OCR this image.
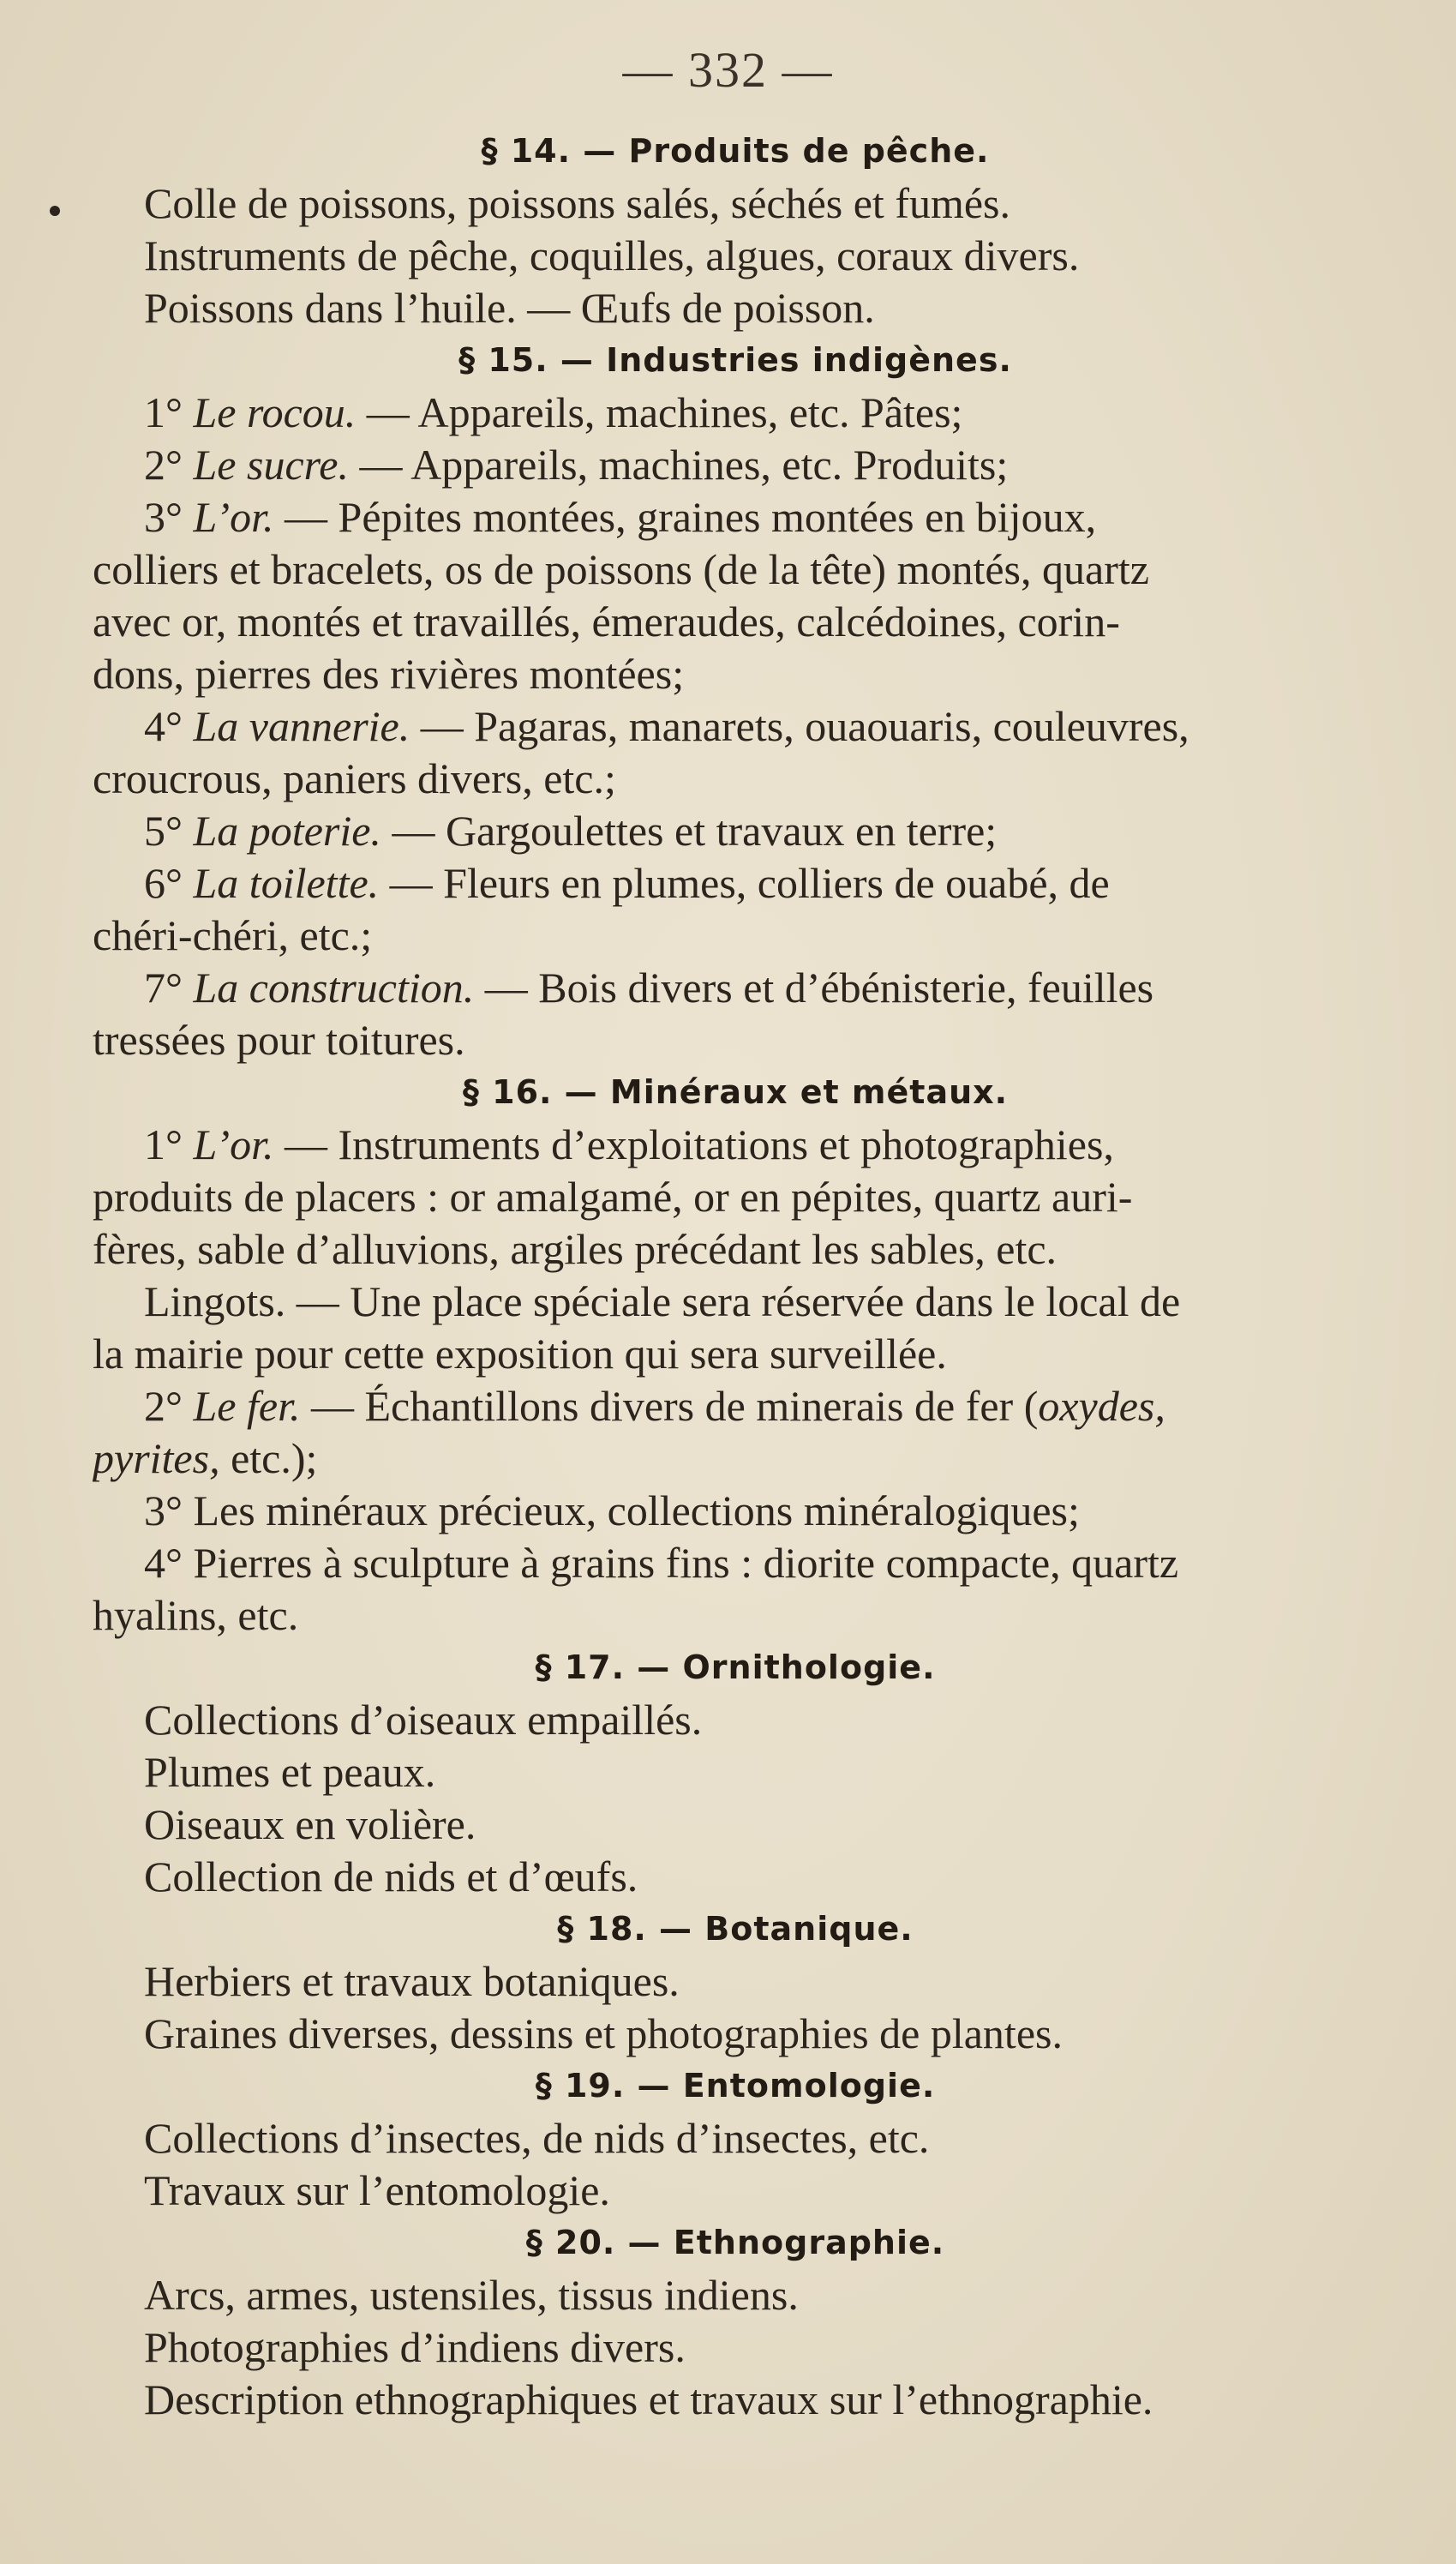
— 332 —
§ 14. — Produits de pêche.
Colle de poissons, poissons salés, séchés et fumés.
Instruments de pêche, coquilles, algues, coraux divers.
Poissons dans l’huile. — Œufs de poisson.
§ 15. — Industries indigènes.
1° Le rocou. — Appareils, machines, etc. Pâtes;
2° Le sucre. — Appareils, machines, etc. Produits;
3° L’or. — Pépites montées, graines montées en bijoux,
colliers et bracelets, os de poissons (de la tête) montés, quartz
avec or, montés et travaillés, émeraudes, calcédoines, corin-
dons, pierres des rivières montées;
4° La vannerie. — Pagaras, manarets, ouaouaris, couleuvres,
croucrous, paniers divers, etc.;
5° La poterie. — Gargoulettes et travaux en terre;
6° La toilette. — Fleurs en plumes, colliers de ouabé, de
chéri-chéri, etc.;
7° La construction. — Bois divers et d’ébénisterie, feuilles
tressées pour toitures.
§ 16. — Minéraux et métaux.
1° L’or. — Instruments d’exploitations et photographies,
produits de placers : or amalgamé, or en pépites, quartz auri-
fères, sable d’alluvions, argiles précédant les sables, etc.
Lingots. — Une place spéciale sera réservée dans le local de
la mairie pour cette exposition qui sera surveillée.
2° Le fer. — Échantillons divers de minerais de fer (oxydes,
pyrites, etc.);
3° Les minéraux précieux, collections minéralogiques;
4° Pierres à sculpture à grains fins : diorite compacte, quartz
hyalins, etc.
§ 17. — Ornithologie.
Collections d’oiseaux empaillés.
Plumes et peaux.
Oiseaux en volière.
Collection de nids et d’œufs.
§ 18. — Botanique.
Herbiers et travaux botaniques.
Graines diverses, dessins et photographies de plantes.
§ 19. — Entomologie.
Collections d’insectes, de nids d’insectes, etc.
Travaux sur l’entomologie.
§ 20. — Ethnographie.
Arcs, armes, ustensiles, tissus indiens.
Photographies d’indiens divers.
Description ethnographiques et travaux sur l’ethnographie.
